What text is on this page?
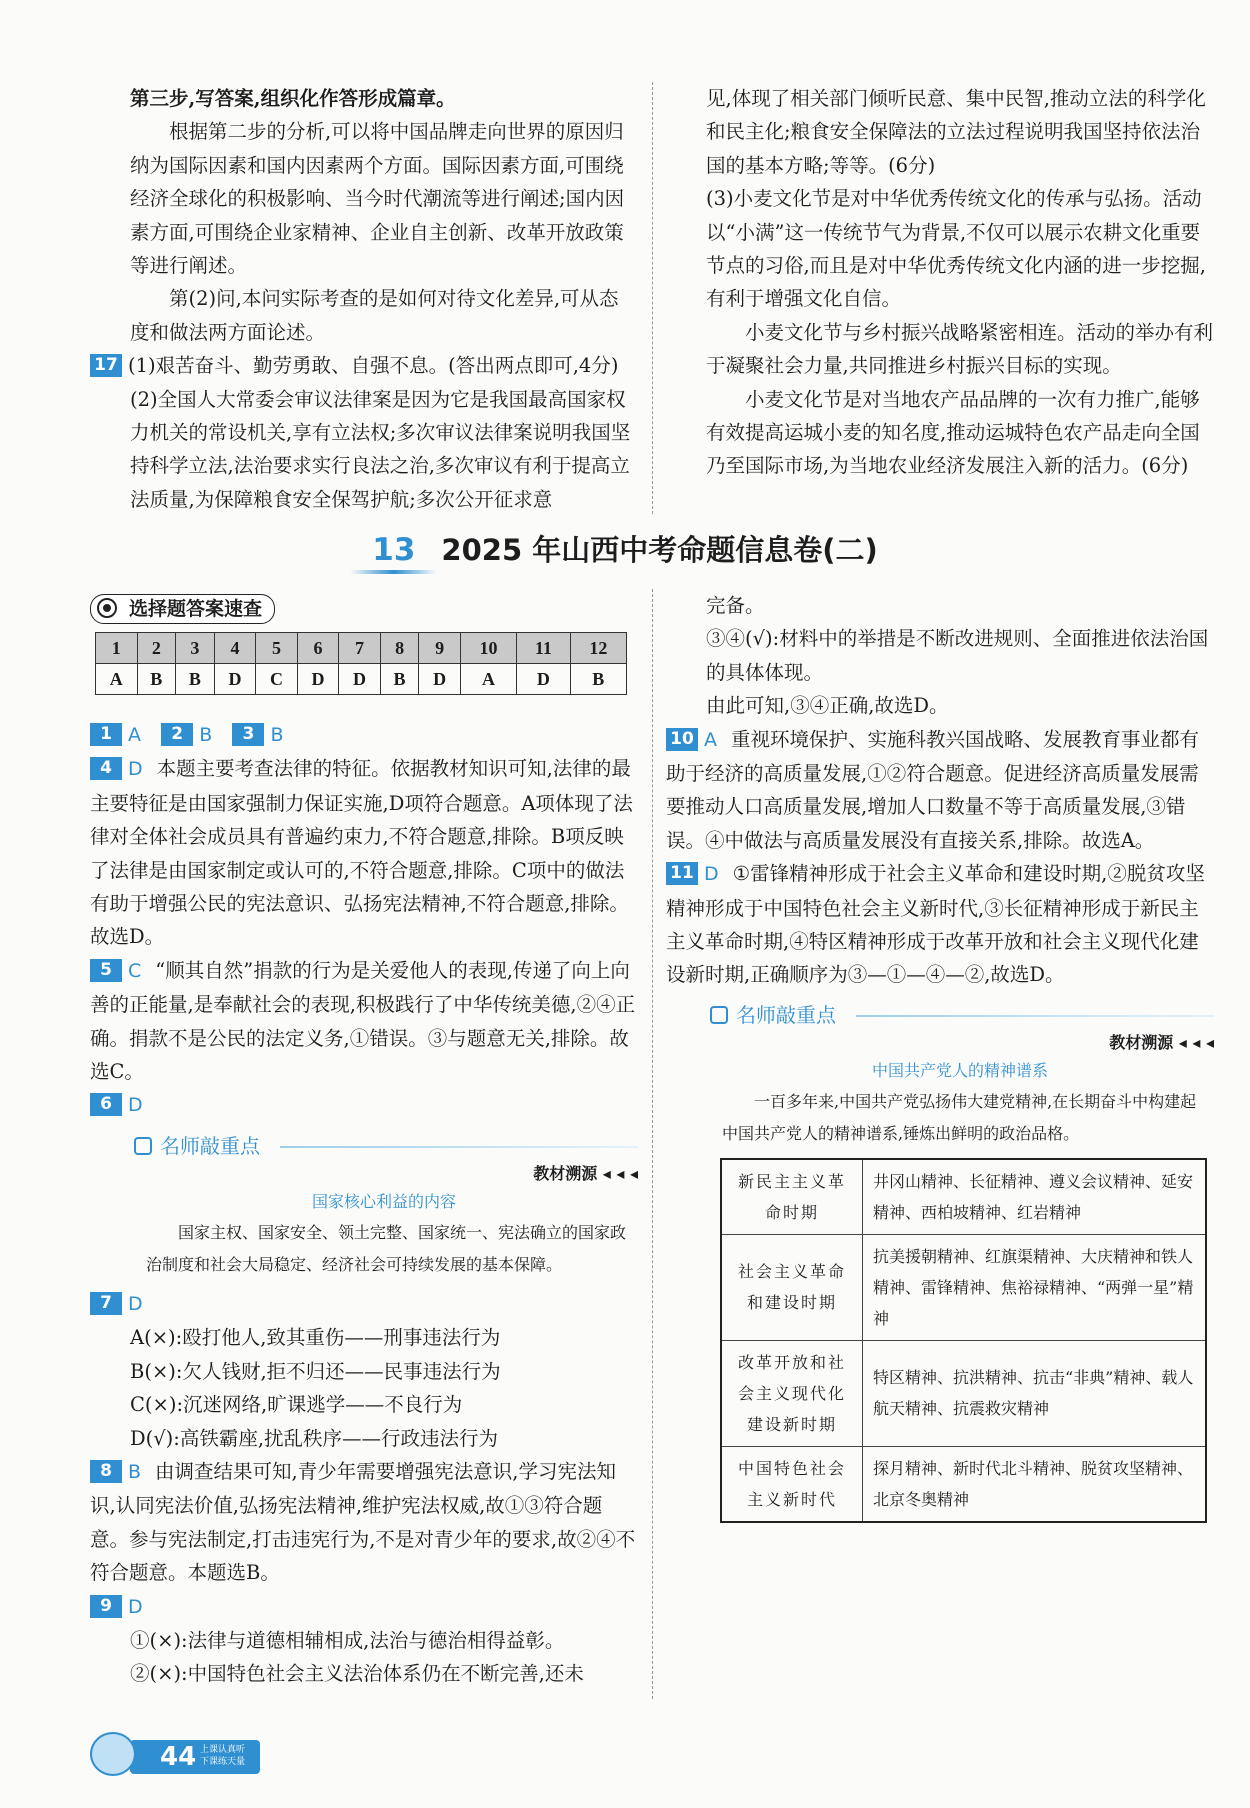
第三步,写答案,组织化作答形成篇章。

根据第二步的分析,可以将中国品牌走向世界的原因归纳为国际因素和国内因素两个方面。国际因素方面,可围绕经济全球化的积极影响、当今时代潮流等进行阐述;国内因素方面,可围绕企业家精神、企业自主创新、改革开放政策等进行阐述。

第(2)问,本问实际考查的是如何对待文化差异,可从态度和做法两方面论述。

17 (1)艰苦奋斗、勤劳勇敢、自强不息。(答出两点即可,4分)

(2)全国人大常委会审议法律案是因为它是我国最高国家权力机关的常设机关,享有立法权;多次审议法律案说明我国坚持科学立法,法治要求实行良法之治,多次审议有利于提高立法质量,为保障粮食安全保驾护航;多次公开征求意

见,体现了相关部门倾听民意、集中民智,推动立法的科学化和民主化;粮食安全保障法的立法过程说明我国坚持依法治国的基本方略;等等。(6分)

(3)小麦文化节是对中华优秀传统文化的传承与弘扬。活动以“小满”这一传统节气为背景,不仅可以展示农耕文化重要节点的习俗,而且是对中华优秀传统文化内涵的进一步挖掘,有利于增强文化自信。

小麦文化节与乡村振兴战略紧密相连。活动的举办有利于凝聚社会力量,共同推进乡村振兴目标的实现。

小麦文化节是对当地农产品品牌的一次有力推广,能够有效提高运城小麦的知名度,推动运城特色农产品走向全国乃至国际市场,为当地农业经济发展注入新的活力。(6分)

13 2025 年山西中考命题信息卷(二)
选择题答案速查
1	2	3	4	5	6	7	8	9	10	11	12
A	B	B	D	C	D	D	B	D	A	D	B

1 A 2 B 3 B

4 D 本题主要考查法律的特征。依据教材知识可知,法律的最主要特征是由国家强制力保证实施,D项符合题意。A项体现了法律对全体社会成员具有普遍约束力,不符合题意,排除。B项反映了法律是由国家制定或认可的,不符合题意,排除。C项中的做法有助于增强公民的宪法意识、弘扬宪法精神,不符合题意,排除。故选D。

5 C “顺其自然”捐款的行为是关爱他人的表现,传递了向上向善的正能量,是奉献社会的表现,积极践行了中华传统美德,②④正确。捐款不是公民的法定义务,①错误。③与题意无关,排除。故选C。

6 D

名师敲重点
教材溯源 ◂ ◂ ◂
国家核心利益的内容
国家主权、国家安全、领土完整、国家统一、宪法确立的国家政治制度和社会大局稳定、经济社会可持续发展的基本保障。

7 D

A(×):殴打他人,致其重伤——刑事违法行为

B(×):欠人钱财,拒不归还——民事违法行为

C(×):沉迷网络,旷课逃学——不良行为

D(√):高铁霸座,扰乱秩序——行政违法行为

8 B 由调查结果可知,青少年需要增强宪法意识,学习宪法知识,认同宪法价值,弘扬宪法精神,维护宪法权威,故①③符合题意。参与宪法制定,打击违宪行为,不是对青少年的要求,故②④不符合题意。本题选B。

9 D

①(×):法律与道德相辅相成,法治与德治相得益彰。

②(×):中国特色社会主义法治体系仍在不断完善,还未

完备。

③④(√):材料中的举措是不断改进规则、全面推进依法治国的具体体现。

由此可知,③④正确,故选D。

10 A 重视环境保护、实施科教兴国战略、发展教育事业都有助于经济的高质量发展,①②符合题意。促进经济高质量发展需要推动人口高质量发展,增加人口数量不等于高质量发展,③错误。④中做法与高质量发展没有直接关系,排除。故选A。

11 D ①雷锋精神形成于社会主义革命和建设时期,②脱贫攻坚精神形成于中国特色社会主义新时代,③长征精神形成于新民主主义革命时期,④特区精神形成于改革开放和社会主义现代化建设新时期,正确顺序为③—①—④—②,故选D。

名师敲重点
教材溯源 ◂ ◂ ◂
中国共产党人的精神谱系
一百多年来,中国共产党弘扬伟大建党精神,在长期奋斗中构建起中国共产党人的精神谱系,锤炼出鲜明的政治品格。
新民主主义革命时期	井冈山精神、长征精神、遵义会议精神、延安精神、西柏坡精神、红岩精神
社会主义革命和建设时期	抗美援朝精神、红旗渠精神、大庆精神和铁人精神、雷锋精神、焦裕禄精神、“两弹一星”精神
改革开放和社会主义现代化建设新时期	特区精神、抗洪精神、抗击“非典”精神、载人航天精神、抗震救灾精神
中国特色社会主义新时代	探月精神、新时代北斗精神、脱贫攻坚精神、北京冬奥精神
44 上课认真听
下课练天量
